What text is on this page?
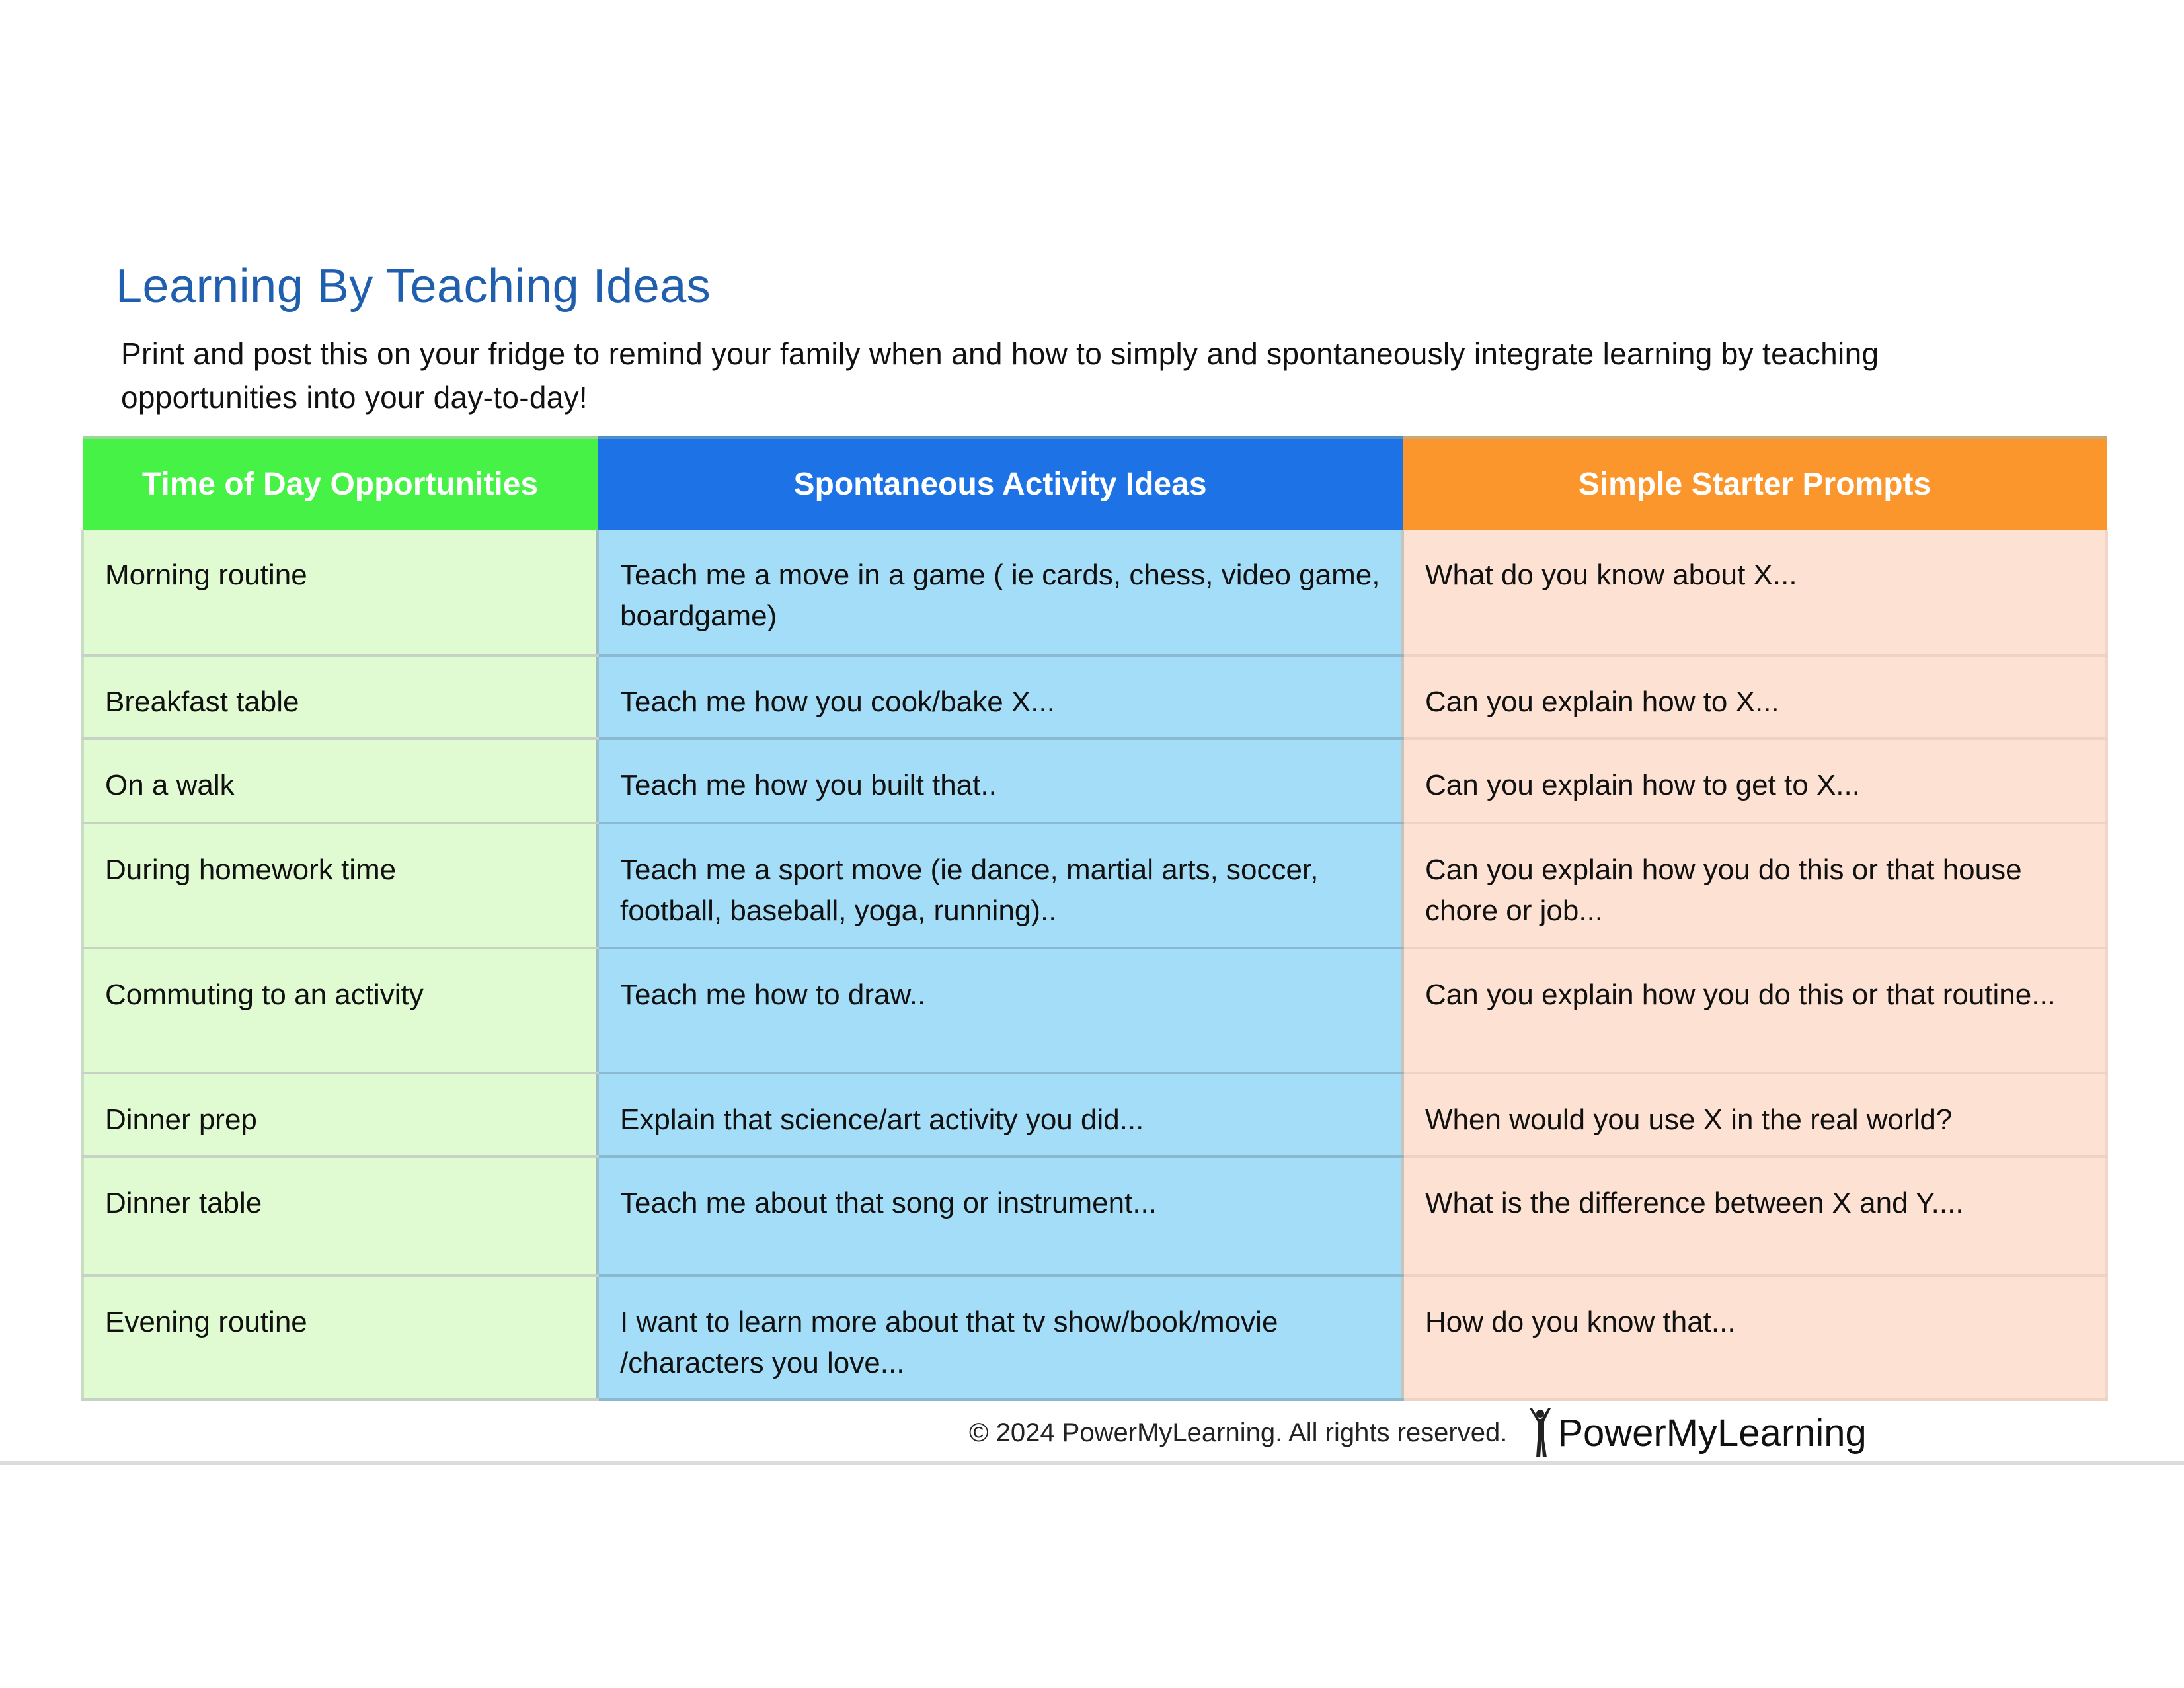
Learning By Teaching Ideas
Print and post this on your fridge to remind your family when and how to simply and spontaneously integrate learning by teaching opportunities into your day-to-day!
Time of Day Opportunities	Spontaneous Activity Ideas	Simple Starter Prompts
Morning routine	Teach me a move in a game ( ie cards, chess, video game, boardgame)	What do you know about X...
Breakfast table	Teach me how you cook/bake X...	Can you explain how to X...
On a walk	Teach me how you built that..	Can you explain how to get to X...
During homework time	Teach me a sport move (ie dance, martial arts, soccer, football, baseball, yoga, running)..	Can you explain how you do this or that house chore or job...
Commuting to an activity	Teach me how to draw..	Can you explain how you do this or that routine...
Dinner prep	Explain that science/art activity you did...	When would you use X in the real world?
Dinner table	Teach me about that song or instrument...	What is the difference between X and Y....
Evening routine	I want to learn more about that tv show/book/movie /characters you love...	How do you know that...
© 2024 PowerMyLearning. All rights reserved. PowerMyLearning
